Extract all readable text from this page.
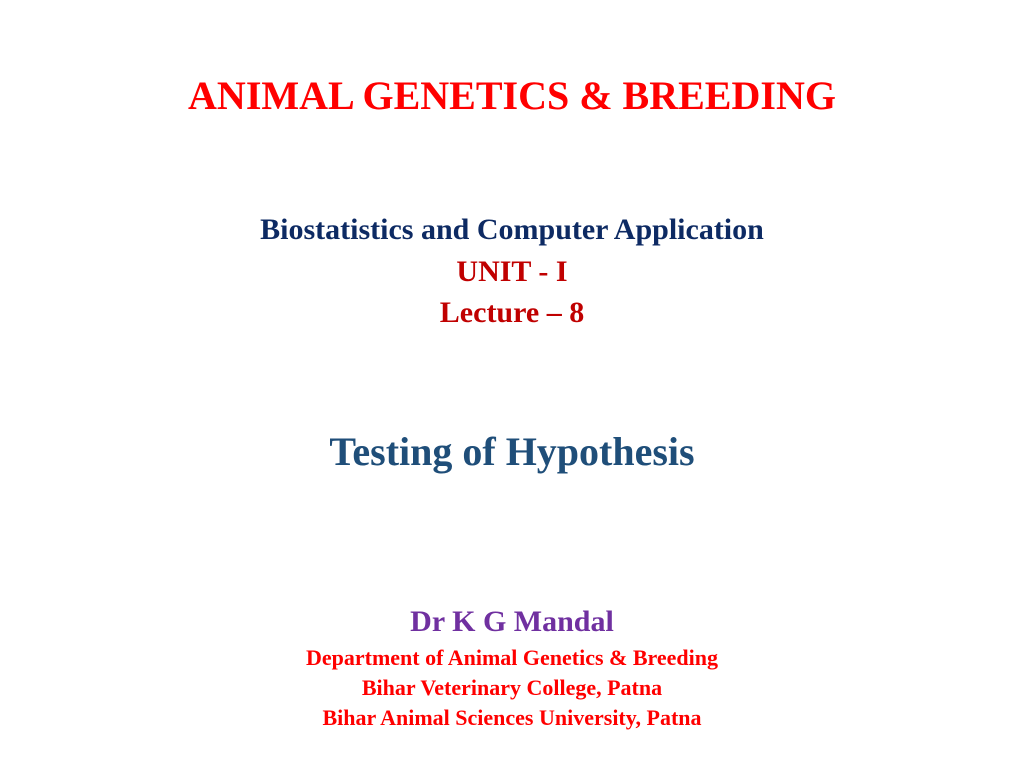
ANIMAL GENETICS & BREEDING
Biostatistics and Computer Application
UNIT - I
Lecture – 8
Testing of Hypothesis
Dr K G Mandal
Department of Animal Genetics & Breeding
Bihar Veterinary College, Patna
Bihar Animal Sciences University, Patna
